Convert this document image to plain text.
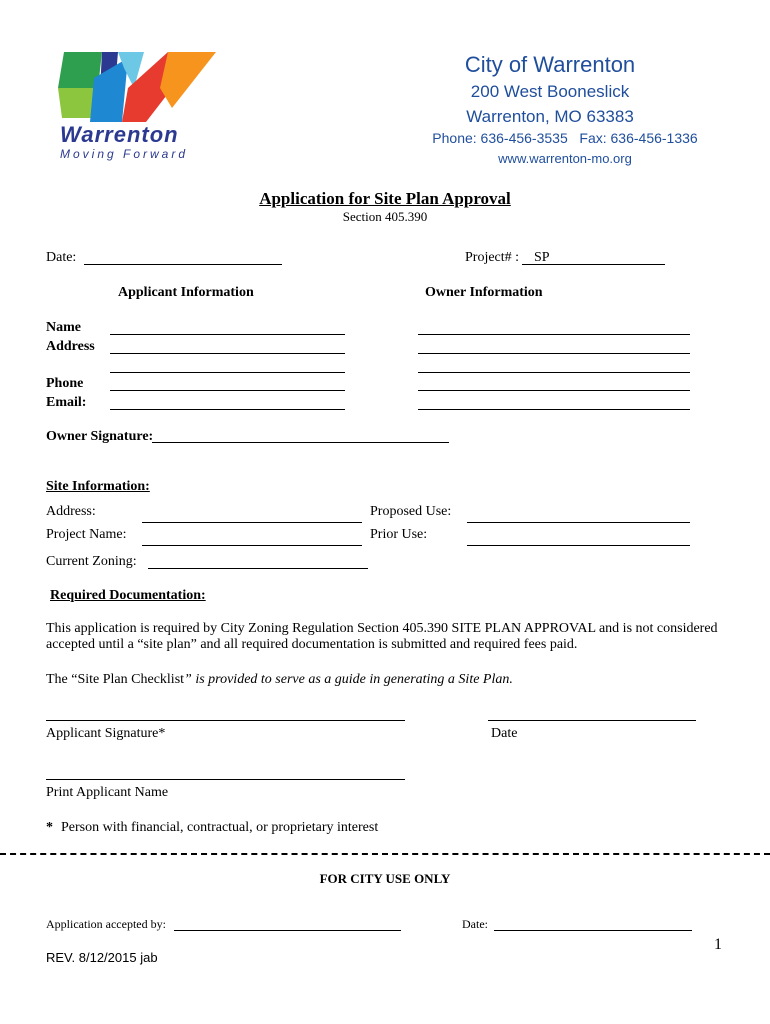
Warrenton
Moving Forward
City of Warrenton
200 West Booneslick
Warrenton, MO 63383
Phone: 636-456-3535   Fax: 636-456-1336
www.warrenton-mo.org
Application for Site Plan Approval
Section 405.390
Date:	Project# : SP
Applicant Information	Owner Information
Name
Address
Phone
Email:
Owner Signature:
Site Information:
Address:	Proposed Use:
Project Name:	Prior Use:
Current Zoning:
Required Documentation:
This application is required by City Zoning Regulation Section 405.390 SITE PLAN APPROVAL and is not considered
accepted until a “site plan” and all required documentation is submitted and required fees paid.
The “Site Plan Checklist” is provided to serve as a guide in generating a Site Plan.
Applicant Signature*	Date
Print Applicant Name
* Person with financial, contractual, or proprietary interest
FOR CITY USE ONLY
Application accepted by:	Date:
1
REV. 8/12/2015 jab
